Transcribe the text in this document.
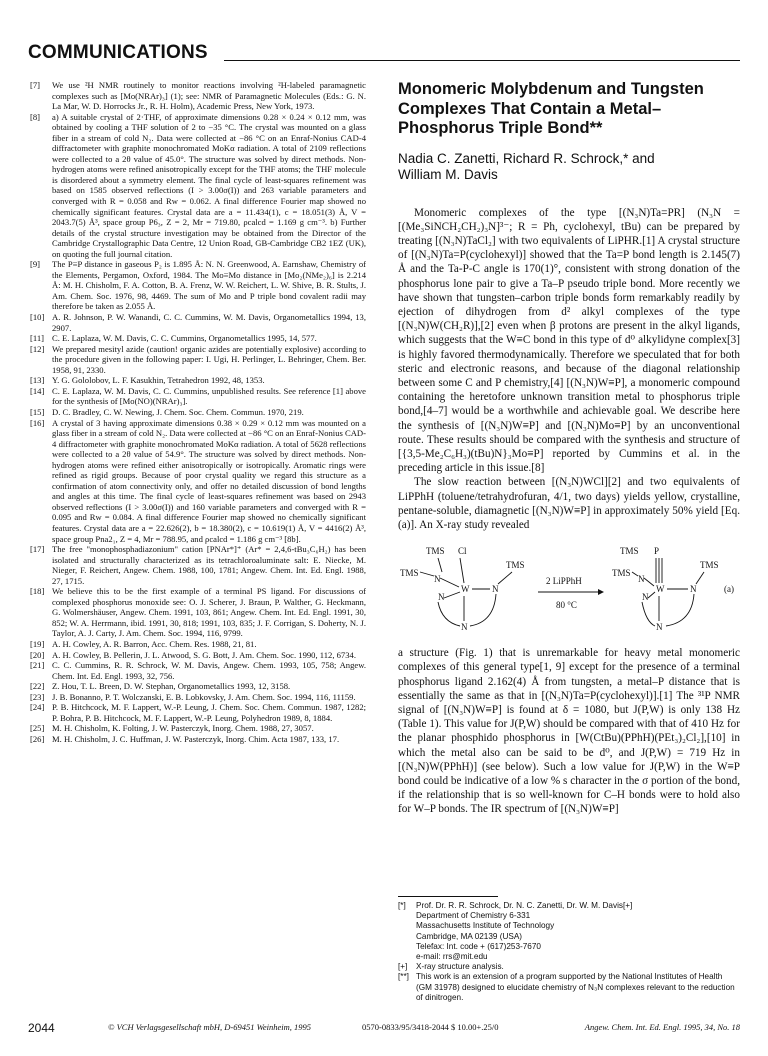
COMMUNICATIONS
[7]	We use ²H NMR routinely to monitor reactions involving ²H-labeled paramagnetic complexes such as [Mo(NRAr)₃] (1); see: NMR of Paramagnetic Molecules (Eds.: G. N. La Mar, W. D. Horrocks Jr., R. H. Holm), Academic Press, New York, 1973.
[8]	a) A suitable crystal of 2·THF, of approximate dimensions 0.28 × 0.24 × 0.12 mm, was obtained by cooling a THF solution of 2 to −35 °C. The crystal was mounted on a glass fiber in a stream of cold N₂. Data were collected at −86 °C on an Enraf-Nonius CAD-4 diffractometer with graphite monochromated MoKα radiation. A total of 2109 reflections were collected to a 2θ value of 45.0°. The structure was solved by direct methods. Non-hydrogen atoms were refined anisotropically except for the THF atoms; the THF molecule is disordered about a symmetry element. The final cycle of least-squares refinement was based on 1585 observed reflections (I > 3.00σ(I)) and 263 variable parameters and converged with R = 0.058 and Rw = 0.062. A final difference Fourier map showed no chemically significant features. Crystal data are a = 11.434(1), c = 18.051(3) Å, V = 2043.7(5) Å³, space group P6₃, Z = 2, Mr = 719.80, ρcalcd = 1.169 g cm⁻³. b) Further details of the crystal structure investigation may be obtained from the Director of the Cambridge Crystallographic Data Centre, 12 Union Road, GB-Cambridge CB2 1EZ (UK), on quoting the full journal citation.
[9]	The P≡P distance in gaseous P₂ is 1.895 Å: N. N. Greenwood, A. Earnshaw, Chemistry of the Elements, Pergamon, Oxford, 1984. The Mo≡Mo distance in [Mo₂(NMe₂)₆] is 2.214 Å: M. H. Chisholm, F. A. Cotton, B. A. Frenz, W. W. Reichert, L. W. Shive, B. R. Stults, J. Am. Chem. Soc. 1976, 98, 4469. The sum of Mo and P triple bond covalent radii may therefore be taken as 2.055 Å.
[10] A. R. Johnson, P. W. Wanandi, C. C. Cummins, W. M. Davis, Organometallics 1994, 13, 2907.
[11] C. E. Laplaza, W. M. Davis, C. C. Cummins, Organometallics 1995, 14, 577.
[12] We prepared mesityl azide (caution! organic azides are potentially explosive) according to the procedure given in the following paper: I. Ugi, H. Perlinger, L. Behringer, Chem. Ber. 1958, 91, 2330.
[13] Y. G. Gololobov, L. F. Kasukhin, Tetrahedron 1992, 48, 1353.
[14] C. E. Laplaza, W. M. Davis, C. C. Cummins, unpublished results. See reference [1] above for the synthesis of [Mo(NO)(NRAr)₃].
[15] D. C. Bradley, C. W. Newing, J. Chem. Soc. Chem. Commun. 1970, 219.
[16] A crystal of 3 having approximate dimensions 0.38 × 0.29 × 0.12 mm was mounted on a glass fiber in a stream of cold N₂. Data were collected at −86 °C on an Enraf-Nonius CAD-4 diffractometer with graphite monochromated MoKα radiation. A total of 5628 reflections were collected to a 2θ value of 54.9°. The structure was solved by direct methods. Non-hydrogen atoms were refined either anisotropically or isotropically. Aromatic rings were refined as rigid groups. Because of poor crystal quality we regard this structure as a confirmation of atom connectivity only, and offer no detailed discussion of bond lengths and angles at this time. The final cycle of least-squares refinement was based on 2943 observed reflections (I > 3.00σ(I)) and 160 variable parameters and converged with R = 0.095 and Rw = 0.084. A final difference Fourier map showed no chemically significant features. Crystal data are a = 22.626(2), b = 18.380(2), c = 10.619(1) Å, V = 4416(2) Å³, space group Pna2₁, Z = 4, Mr = 788.95, and ρcalcd = 1.186 g cm⁻³ [8b].
[17] The free "monophosphadiazonium" cation [PNAr*]⁺ (Ar* = 2,4,6-tBu₃C₆H₂) has been isolated and structurally characterized as its tetrachloroaluminate salt: E. Niecke, M. Nieger, F. Reichert, Angew. Chem. 1988, 100, 1781; Angew. Chem. Int. Ed. Engl. 1988, 27, 1715.
[18] We believe this to be the first example of a terminal PS ligand. For discussions of complexed phosphorus monoxide see: O. J. Scherer, J. Braun, P. Walther, G. Heckmann, G. Wolmershäuser, Angew. Chem. 1991, 103, 861; Angew. Chem. Int. Ed. Engl. 1991, 30, 852; W. A. Herrmann, ibid. 1991, 30, 818; 1991, 103, 835; J. F. Corrigan, S. Doherty, N. J. Taylor, A. J. Carty, J. Am. Chem. Soc. 1994, 116, 9799.
[19] A. H. Cowley, A. R. Barron, Acc. Chem. Res. 1988, 21, 81.
[20] A. H. Cowley, B. Pellerin, J. L. Atwood, S. G. Bott, J. Am. Chem. Soc. 1990, 112, 6734.
[21] C. C. Cummins, R. R. Schrock, W. M. Davis, Angew. Chem. 1993, 105, 758; Angew. Chem. Int. Ed. Engl. 1993, 32, 756.
[22] Z. Hou, T. L. Breen, D. W. Stephan, Organometallics 1993, 12, 3158.
[23] J. B. Bonanno, P. T. Wolczanski, E. B. Lobkovsky, J. Am. Chem. Soc. 1994, 116, 11159.
[24] P. B. Hitchcock, M. F. Lappert, W.-P. Leung, J. Chem. Soc. Chem. Commun. 1987, 1282; P. Bohra, P. B. Hitchcock, M. F. Lappert, W.-P. Leung, Polyhedron 1989, 8, 1884.
[25] M. H. Chisholm, K. Folting, J. W. Pasterczyk, Inorg. Chem. 1988, 27, 3057.
[26] M. H. Chisholm, J. C. Huffman, J. W. Pasterczyk, Inorg. Chim. Acta 1987, 133, 17.
Monomeric Molybdenum and Tungsten Complexes That Contain a Metal–Phosphorus Triple Bond**
Nadia C. Zanetti, Richard R. Schrock,* and
William M. Davis
Monomeric complexes of the type [(N₃N)Ta=PR] (N₃N = [(Me₃SiNCH₂CH₂)₃N]³⁻; R = Ph, cyclohexyl, tBu) can be prepared by treating [(N₃N)TaCl₂] with two equivalents of LiPHR.[1] A crystal structure of [(N₃N)Ta=P(cyclohexyl)] showed that the Ta=P bond length is 2.145(7) Å and the Ta-P-C angle is 170(1)°, consistent with strong donation of the phosphorus lone pair to give a Ta–P pseudo triple bond. More recently we have shown that tungsten–carbon triple bonds form remarkably readily by ejection of dihydrogen from d² alkyl complexes of the type [(N₃N)W(CH₂R)],[2] even when β protons are present in the alkyl ligands, which suggests that the W≡C bond in this type of d⁰ alkylidyne complex[3] is highly favored thermodynamically. Therefore we speculated that for both steric and electronic reasons, and because of the diagonal relationship between some C and P chemistry,[4] [(N₃N)W≡P], a monomeric compound containing the heretofore unknown transition metal to phosphorus triple bond,[4–7] would be a worthwhile and achievable goal. We describe here the synthesis of [(N₃N)W≡P] and [(N₃N)Mo≡P] by an unconventional route. These results should be compared with the synthesis and structure of [{3,5-Me₂C₆H₃)(tBu)N}₃Mo≡P] reported by Cummins et al. in the preceding article in this issue.[8]
The slow reaction between [(N₃N)WCl][2] and two equivalents of LiPPhH (toluene/tetrahydrofuran, 4/1, two days) yields yellow, crystalline, pentane-soluble, diamagnetic [(N₃N)W≡P] in approximately 50% yield [Eq. (a)]. An X-ray study revealed
TMS Cl
TMS
TMS
N
N
N
W
N
2 LiPPhH
80 °C
TMS P
TMS
TMS
N
N
N
W
N
(a)
a structure (Fig. 1) that is unremarkable for heavy metal monomeric complexes of this general type[1, 9] except for the presence of a terminal phosphorus ligand 2.162(4) Å from tungsten, a metal–P distance that is essentially the same as that in [(N₃N)Ta=P(cyclohexyl)].[1] The ³¹P NMR signal of [(N₃N)W≡P] is found at δ = 1080, but J(P,W) is only 138 Hz (Table 1). This value for J(P,W) should be compared with that of 410 Hz for the planar phosphido phosphorus in [W(CtBu)(PPhH)(PEt₃)₂Cl₂],[10] in which the metal also can be said to be d⁰, and J(P,W) = 719 Hz in [(N₃N)W(PPhH)] (see below). Such a low value for J(P,W) in the W≡P bond could be indicative of a low % s character in the σ portion of the bond, if the relationship that is so well-known for C–H bonds were to hold also for W–P bonds. The IR spectrum of [(N₃N)W≡P]
[*]	Prof. Dr. R. R. Schrock, Dr. N. C. Zanetti, Dr. W. M. Davis[+]
Department of Chemistry 6-331
Massachusetts Institute of Technology
Cambridge, MA 02139 (USA)
Telefax: Int. code + (617)253-7670
e-mail: rrs@mit.edu
[+]	X-ray structure analysis.
[**] This work is an extension of a program supported by the National Institutes of Health (GM 31978) designed to elucidate chemistry of N₃N complexes relevant to the reduction of dinitrogen.
2044	© VCH Verlagsgesellschaft mbH, D-69451 Weinheim, 1995	0570-0833/95/3418-2044 $ 10.00+.25/0	Angew. Chem. Int. Ed. Engl. 1995, 34, No. 18
